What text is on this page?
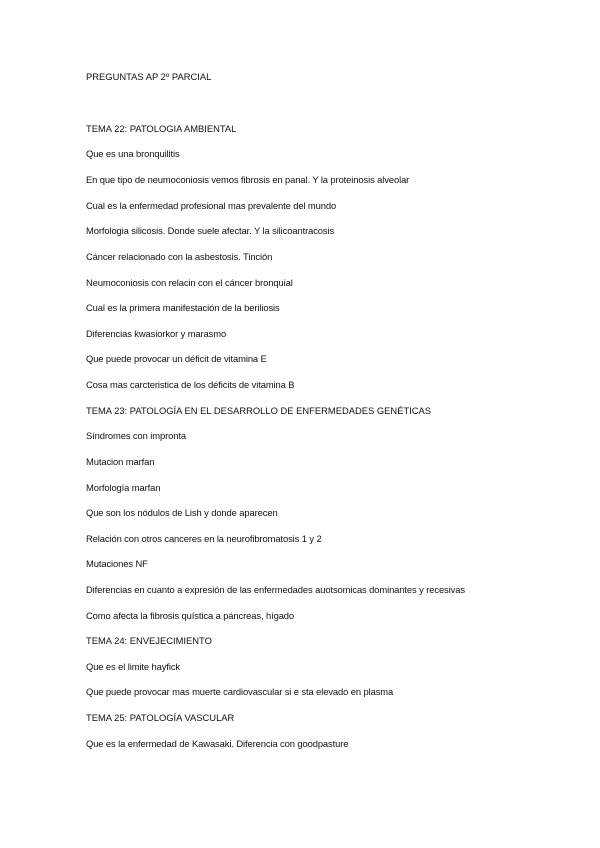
PREGUNTAS AP 2º PARCIAL
TEMA 22: PATOLOGIA AMBIENTAL
Que es una bronquilitis
En que tipo de neumoconiosis vemos fibrosis en panal. Y la proteinosis alveolar
Cual es la enfermedad profesional mas prevalente del mundo
Morfologia silicosis. Donde suele afectar. Y la silicoantracosis
Cáncer relacionado con la asbestosis. Tinción
Neumoconiosis con relacin con el cáncer bronquial
Cual es la primera manifestación de la beriliosis
Diferencias kwasiorkor y marasmo
Que puede provocar un déficit de vitamina E
Cosa mas carcteristica de los déficits de vitamina B
TEMA 23: PATOLOGÍA EN EL DESARROLLO DE ENFERMEDADES GENÉTICAS
Síndromes con impronta
Mutacion marfan
Morfología marfan
Que son los nódulos de Lish y donde aparecen
Relación con otros canceres en la neurofibromatosis 1 y 2
Mutaciones NF
Diferencias en cuanto a expresión de las enfermedades auotsomicas dominantes y recesivas
Como afecta la fibrosis quística a páncreas, hígado
TEMA 24: ENVEJECIMIENTO
Que es el limite hayfick
Que puede provocar mas muerte cardiovascular si e sta elevado en plasma
TEMA 25: PATOLOGÍA VASCULAR
Que es la enfermedad de Kawasaki. Diferencia con goodpasture
